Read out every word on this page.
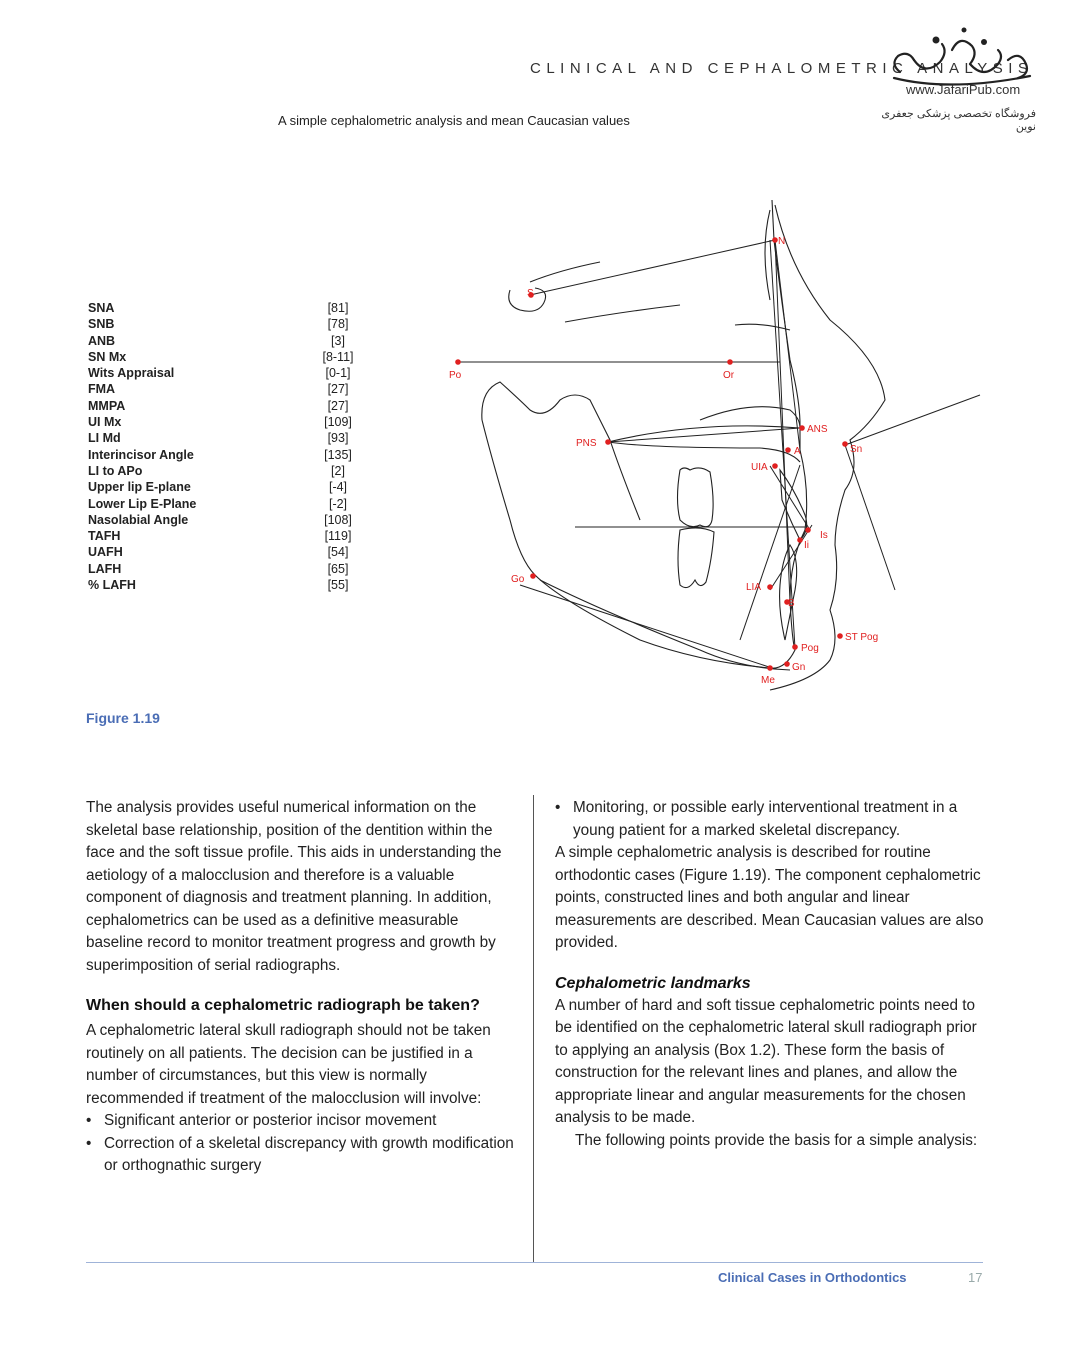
CLINICAL AND CEPHALOMETRIC ANALYSIS
www.JafariPub.com
فروشگاه تخصصی پزشکی جعفری نوین
A simple cephalometric analysis and mean Caucasian values
SNA	[81]
SNB	[78]
ANB	[3]
SN Mx	[8-11]
Wits Appraisal	[0-1]
FMA	[27]
MMPA	[27]
UI Mx	[109]
LI Md	[93]
Interincisor Angle	[135]
LI to APo	[2]
Upper lip E-plane	[-4]
Lower Lip E-Plane	[-2]
Nasolabial Angle	[108]
TAFH	[119]
UAFH	[54]
LAFH	[65]
% LAFH	[55]
N
S
Po	Or
ANS
PNS
A	Sn
UIA
Is
Ii
Go
LIA
B
ST Pog
Pog
Gn
Me
Figure 1.19

The analysis provides useful numerical information on the skeletal base relationship, position of the dentition within the face and the soft tissue profile. This aids in understanding the aetiology of a malocclusion and therefore is a valuable component of diagnosis and treatment planning. In addition, cephalometrics can be used as a definitive measurable baseline record to monitor treatment progress and growth by superimposition of serial radiographs.

When should a cephalometric radiograph be taken?

A cephalometric lateral skull radiograph should not be taken routinely on all patients. The decision can be justified in a number of circumstances, but this view is normally recommended if treatment of the malocclusion will involve:

• Significant anterior or posterior incisor movement

• Correction of a skeletal discrepancy with growth modification or orthognathic surgery

• Monitoring, or possible early interventional treatment in a young patient for a marked skeletal discrepancy.

A simple cephalometric analysis is described for routine orthodontic cases (Figure 1.19). The component cephalometric points, constructed lines and both angular and linear measurements are described. Mean Caucasian values are also provided.

Cephalometric landmarks

A number of hard and soft tissue cephalometric points need to be identified on the cephalometric lateral skull radiograph prior to applying an analysis (Box 1.2). These form the basis of construction for the relevant lines and planes, and allow the appropriate linear and angular measurements for the chosen analysis to be made.

The following points provide the basis for a simple analysis:

Clinical Cases in Orthodontics	17
